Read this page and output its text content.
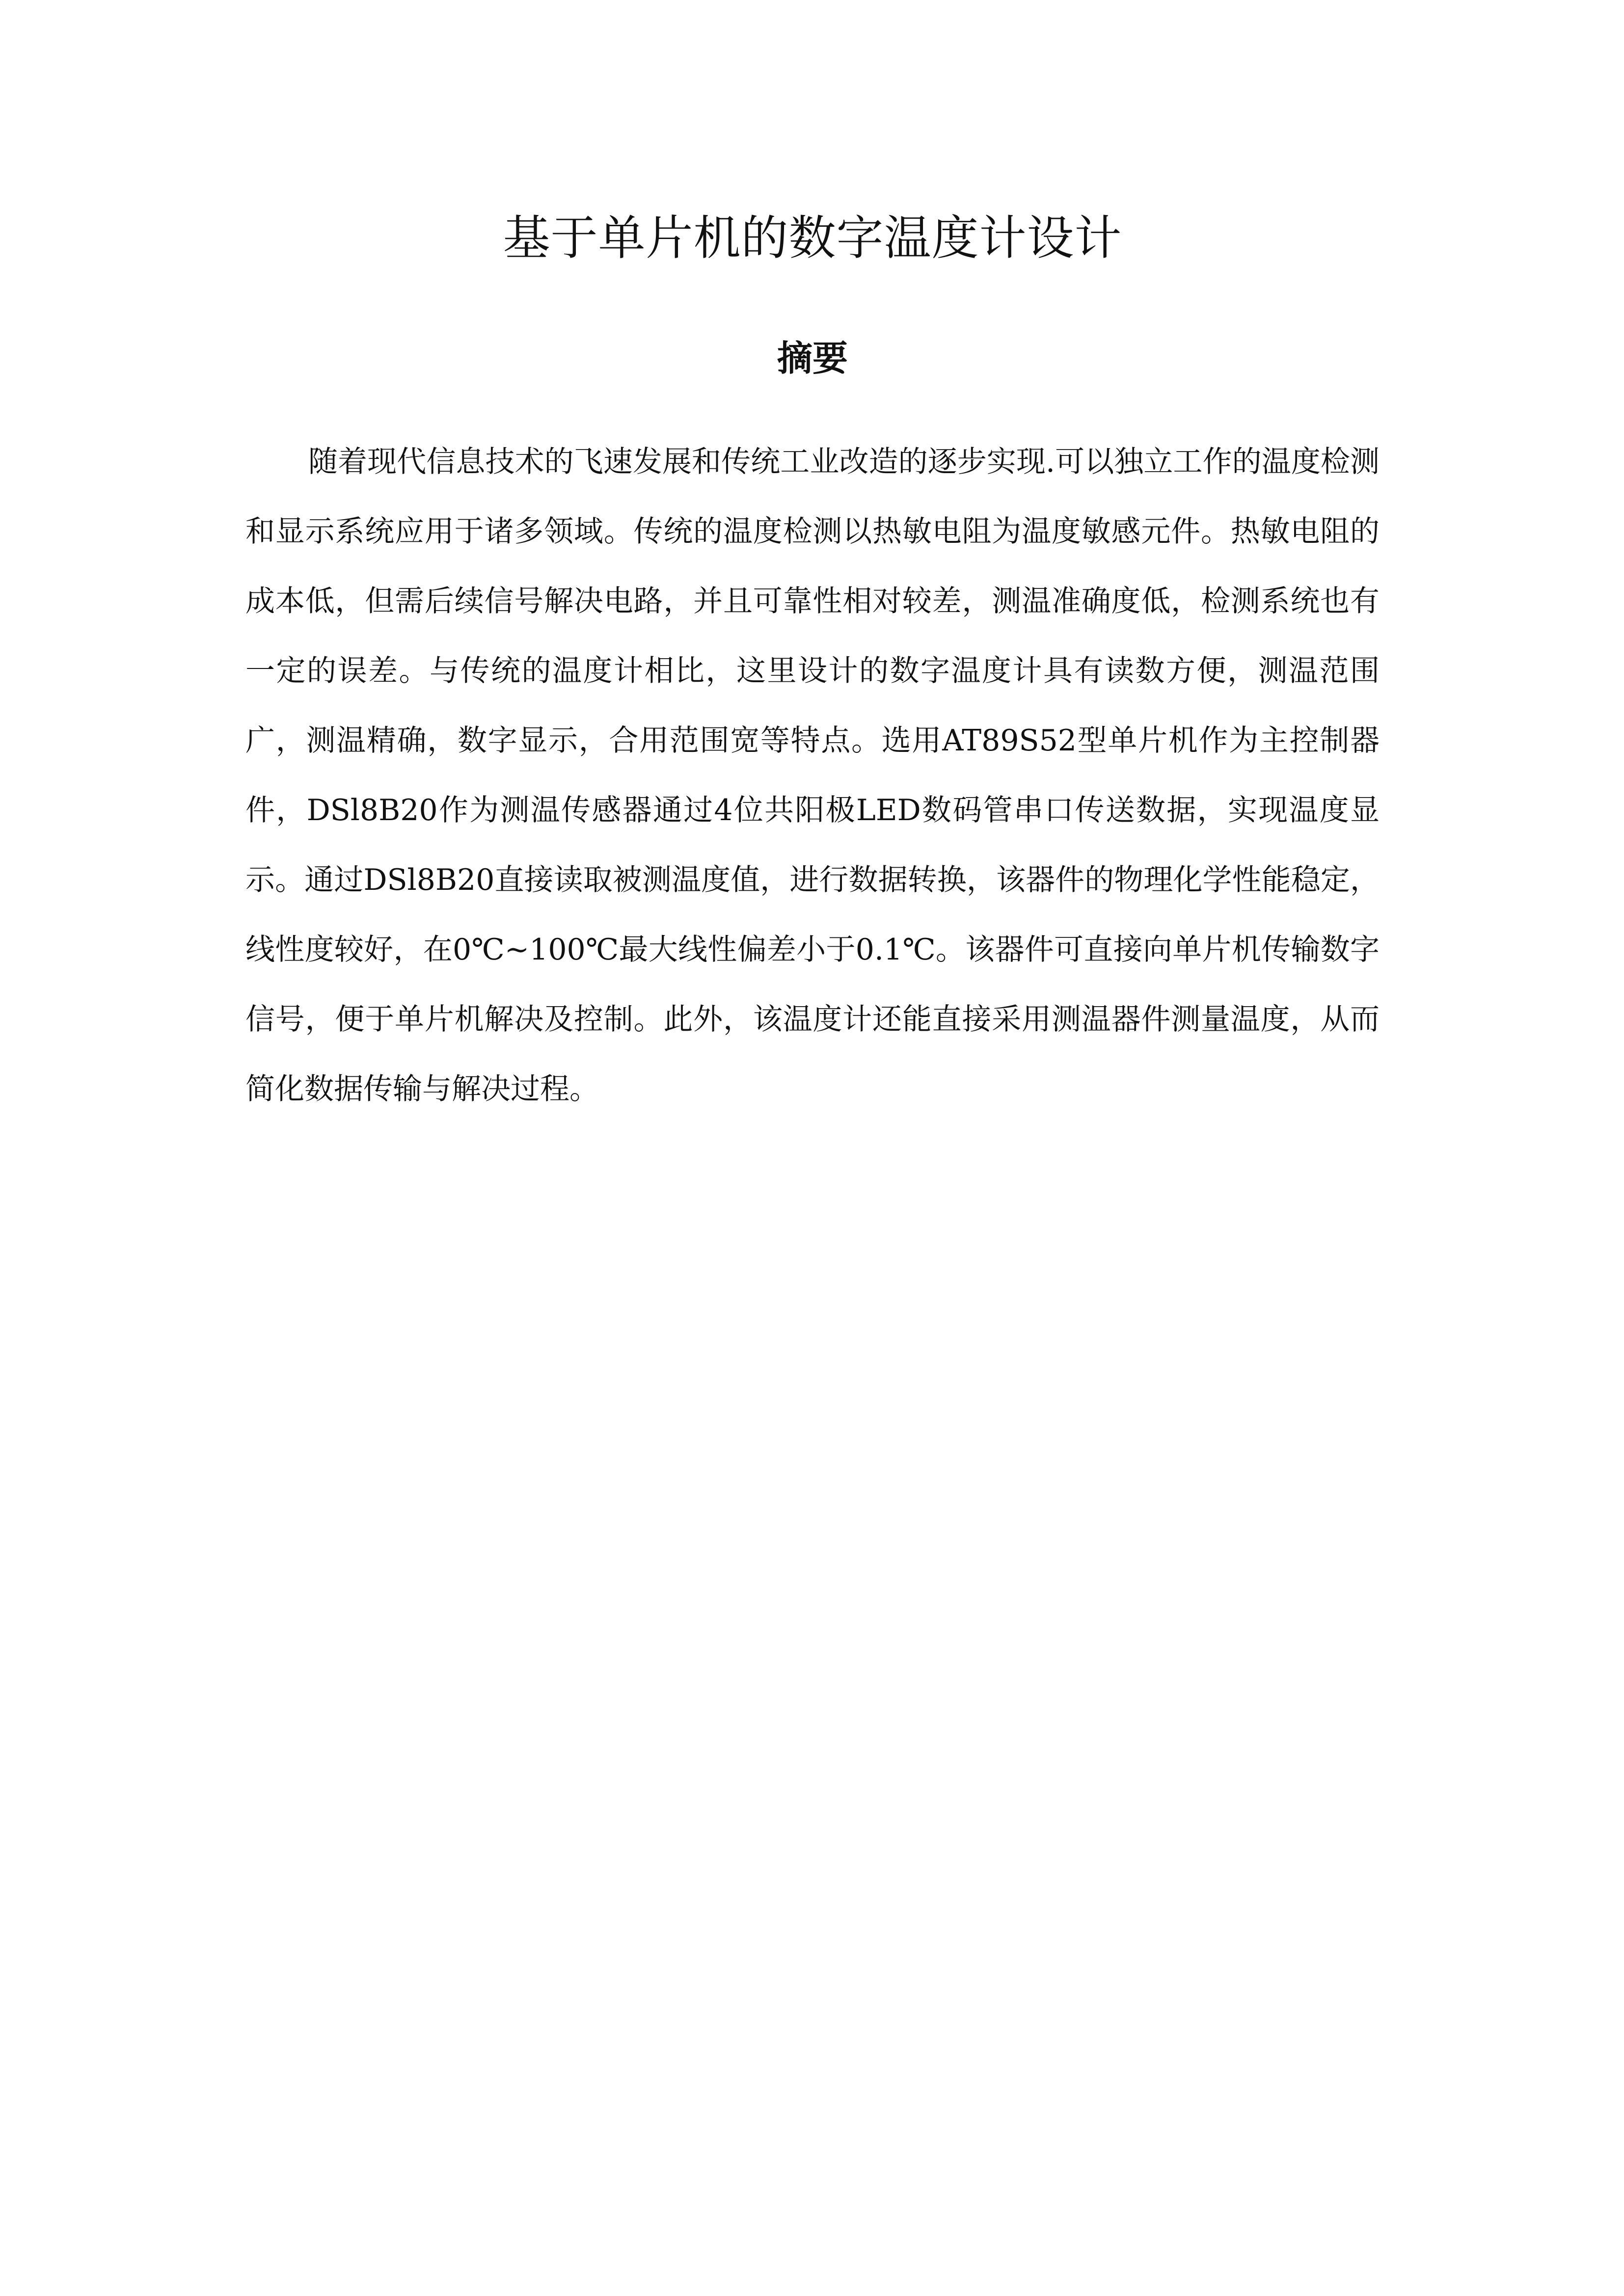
基于单片机的数字温度计设计
摘要

随着现代信息技术的飞速发展和传统工业改造的逐步实现.可以独立工作的温度检测和显示系统应用于诸多领域。传统的温度检测以热敏电阻为温度敏感元件。热敏电阻的成本低，但需后续信号解决电路，并且可靠性相对较差，测温准确度低，检测系统也有一定的误差。与传统的温度计相比，这里设计的数字温度计具有读数方便，测温范围广，测温精确，数字显示，合用范围宽等特点。选用AT89S52型单片机作为主控制器件，DSl8B20作为测温传感器通过4位共阳极LED数码管串口传送数据，实现温度显示。通过DSl8B20直接读取被测温度值，进行数据转换，该器件的物理化学性能稳定，线性度较好，在0℃~100℃最大线性偏差小于0.1℃。该器件可直接向单片机传输数字信号，便于单片机解决及控制。此外，该温度计还能直接采用测温器件测量温度，从而简化数据传输与解决过程。
